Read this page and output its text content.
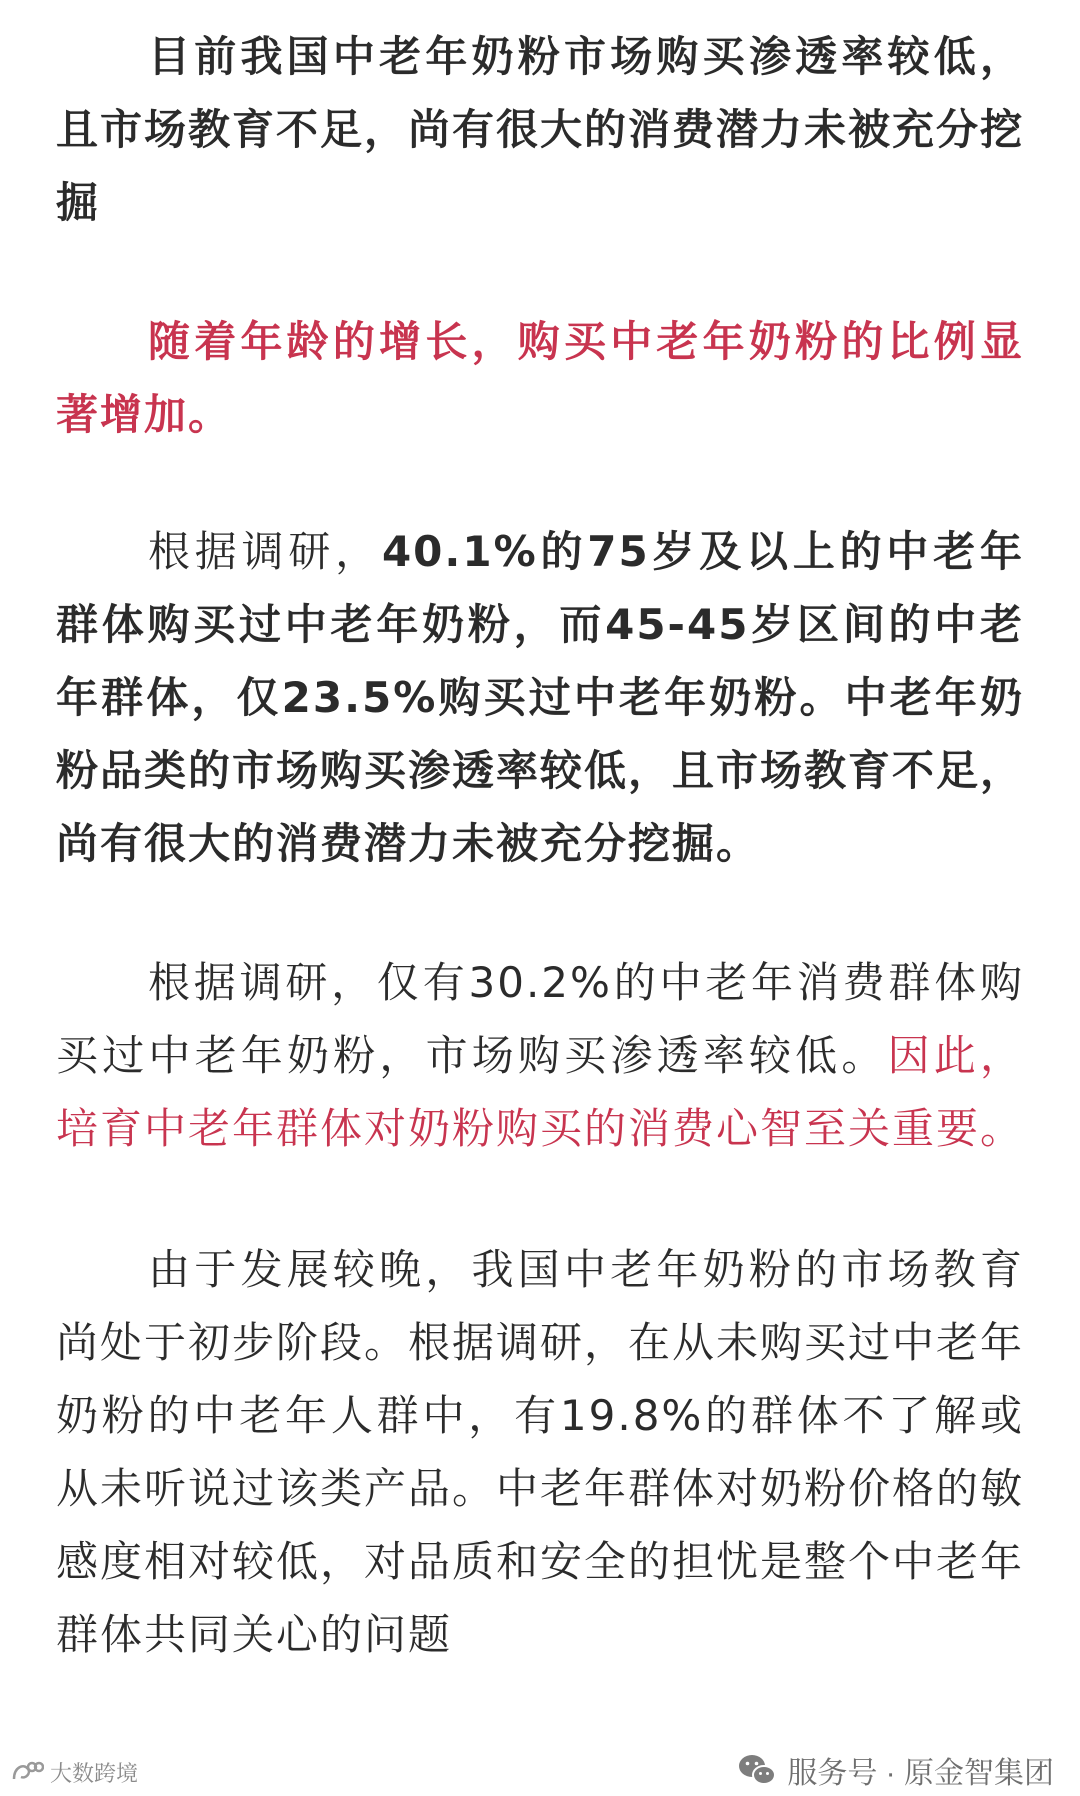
目前我国中老年奶粉市场购买渗透率较低，且市场教育不足，尚有很大的消费潜力未被充分挖掘

随着年龄的增长，购买中老年奶粉的比例显著增加。

根据调研，40.1%的75岁及以上的中老年群体购买过中老年奶粉，而45-45岁区间的中老年群体，仅23.5%购买过中老年奶粉。中老年奶粉品类的市场购买渗透率较低，且市场教育不足，尚有很大的消费潜力未被充分挖掘。

根据调研，仅有30.2%的中老年消费群体购买过中老年奶粉，市场购买渗透率较低。因此，培育中老年群体对奶粉购买的消费心智至关重要。

由于发展较晚，我国中老年奶粉的市场教育尚处于初步阶段。根据调研，在从未购买过中老年奶粉的中老年人群中，有19.8%的群体不了解或从未听说过该类产品。中老年群体对奶粉价格的敏感度相对较低，对品质和安全的担忧是整个中老年群体共同关心的问题

大数跨境	服务号 · 原金智集团
